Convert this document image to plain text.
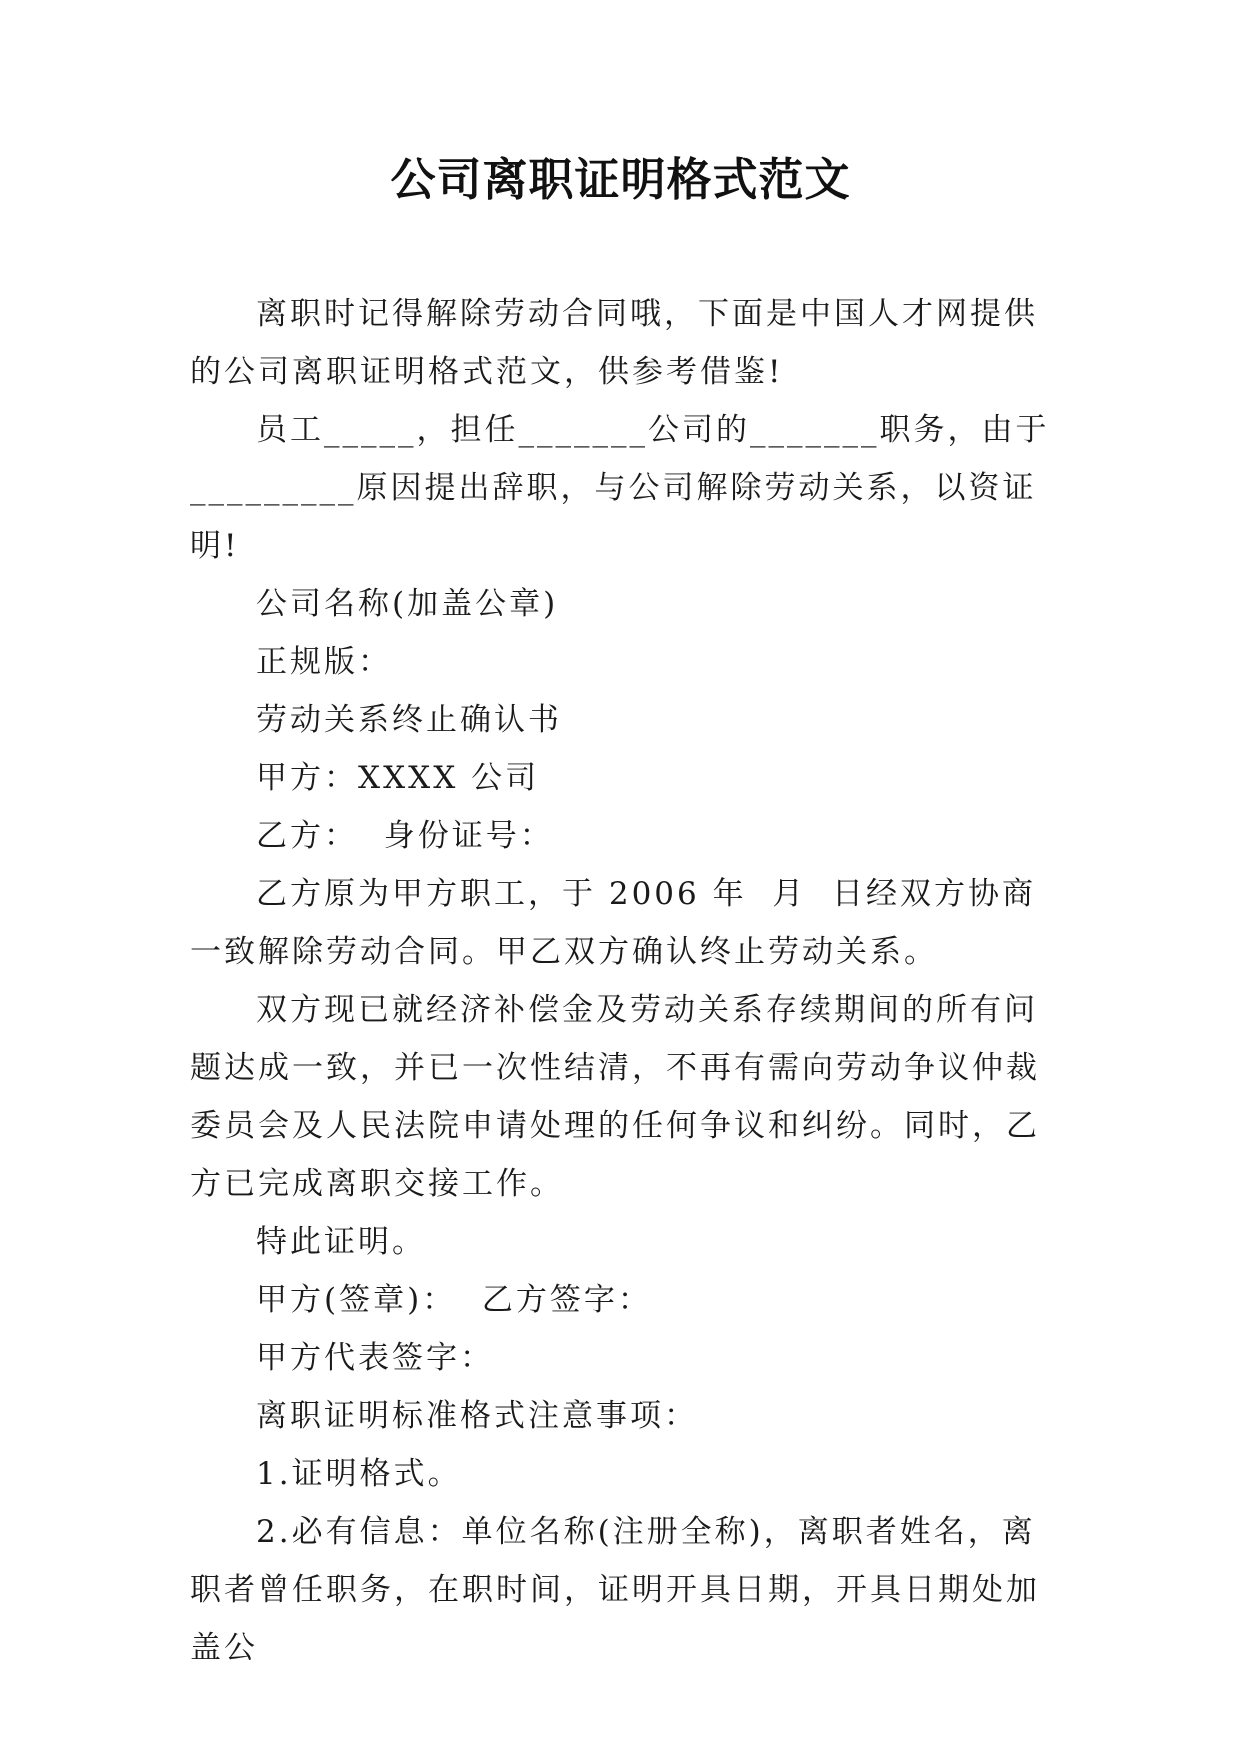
公司离职证明格式范文

离职时记得解除劳动合同哦，下面是中国人才网提供的公司离职证明格式范文，供参考借鉴!

员工_____，担任_______公司的_______职务，由于_________原因提出辞职，与公司解除劳动关系，以资证明!

公司名称(加盖公章)

正规版：

劳动关系终止确认书

甲方：XXXX 公司

乙方：  身份证号：

乙方原为甲方职工，于 2006 年  月  日经双方协商一致解除劳动合同。甲乙双方确认终止劳动关系。

双方现已就经济补偿金及劳动关系存续期间的所有问题达成一致，并已一次性结清，不再有需向劳动争议仲裁委员会及人民法院申请处理的任何争议和纠纷。同时，乙方已完成离职交接工作。

特此证明。

甲方(签章)：  乙方签字：

甲方代表签字：

离职证明标准格式注意事项：

1.证明格式。

2.必有信息：单位名称(注册全称)，离职者姓名，离职者曾任职务，在职时间，证明开具日期，开具日期处加盖公
